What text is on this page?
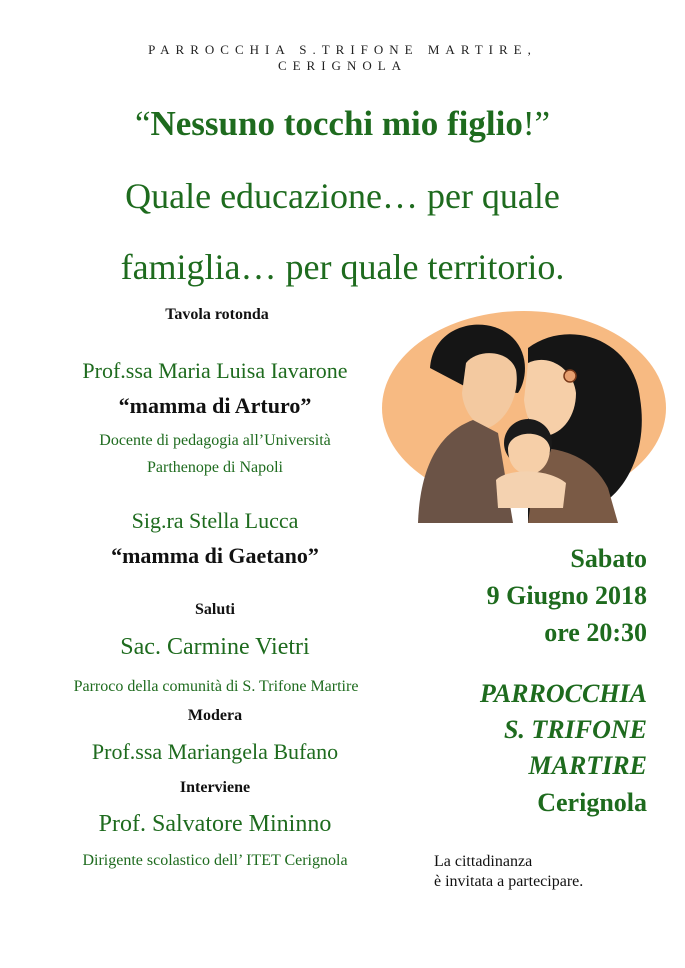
PARROCCHIA S.TRIFONE MARTIRE,
CERIGNOLA
“Nessuno tocchi mio figlio!”
Quale educazione… per quale
famiglia… per quale territorio.
Tavola rotonda
Prof.ssa Maria Luisa Iavarone
“mamma di Arturo”
Docente di pedagogia all’Università
Parthenope di Napoli
Sig.ra Stella Lucca
“mamma di Gaetano”
Saluti
Sac. Carmine Vietri
Parroco della comunità di S. Trifone Martire
Modera
Prof.ssa Mariangela Bufano
Interviene
Prof. Salvatore Mininno
Dirigente scolastico dell’ ITET Cerignola
Sabato
9 Giugno 2018
ore 20:30
PARROCCHIA
S. TRIFONE
MARTIRE
Cerignola
La cittadinanza
è invitata a partecipare.
